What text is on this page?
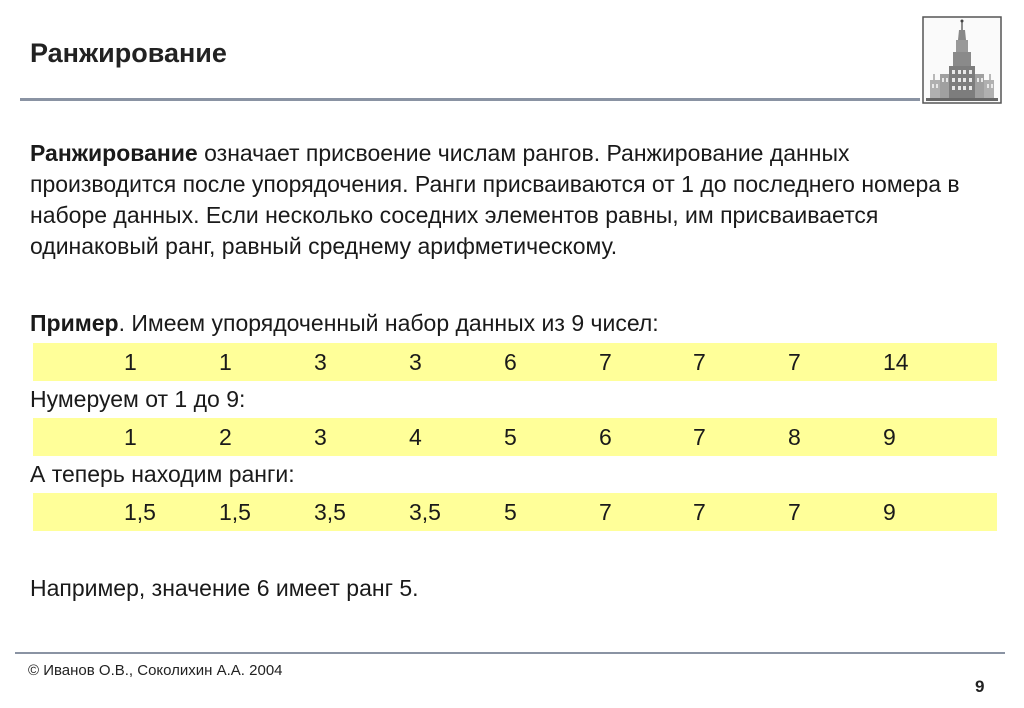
Ранжирование
Ранжирование означает присвоение числам рангов. Ранжирование данных производится после упорядочения. Ранги присваиваются от 1 до последнего номера в наборе данных. Если несколько соседних элементов равны, им присваивается одинаковый ранг, равный среднему арифметическому.
Пример. Имеем упорядоченный набор данных из 9 чисел:
1	1	3	3	6	7	7	7	14
Нумеруем от 1 до 9:
1	2	3	4	5	6	7	8	9
А теперь находим ранги:
1,5	1,5	3,5	3,5	5	7	7	7	9
Например, значение 6 имеет ранг 5.
© Иванов О.В., Соколихин А.А. 2004
9
